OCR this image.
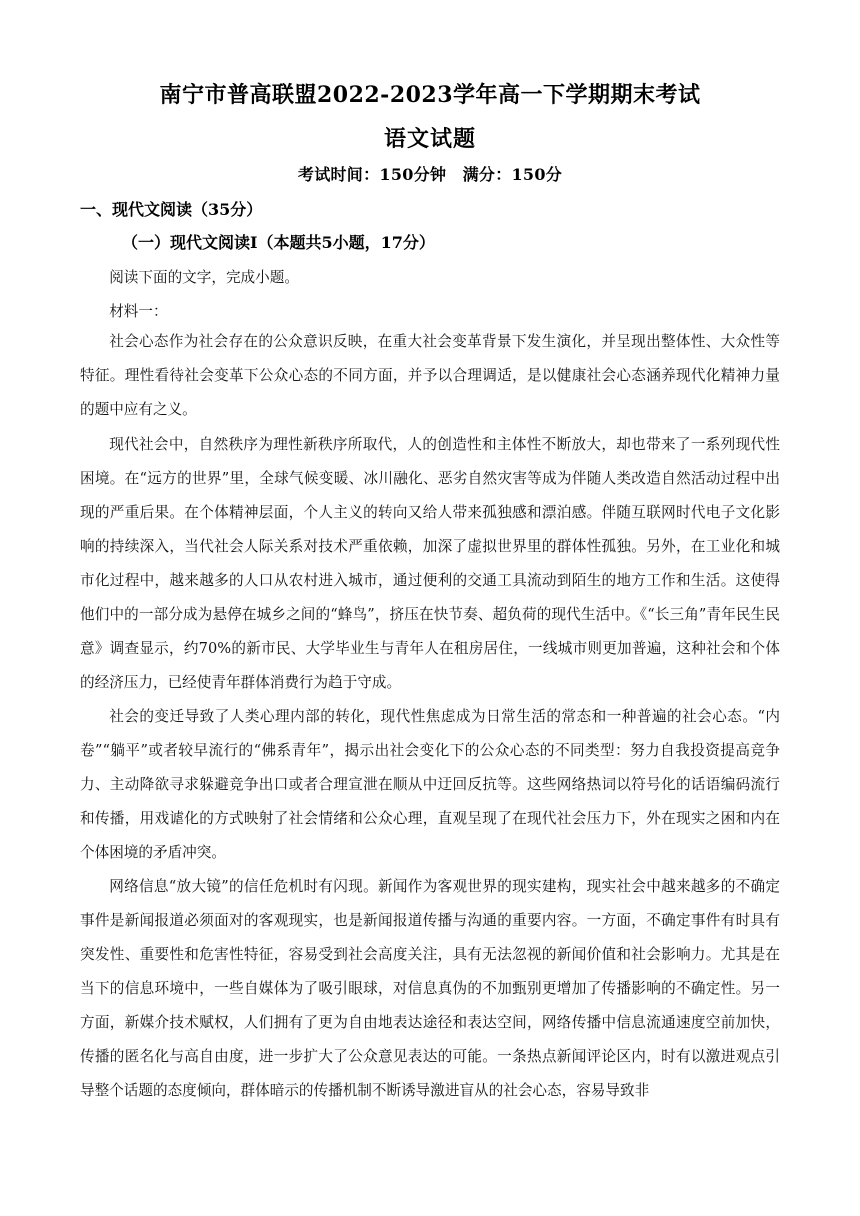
南宁市普高联盟2022-2023学年高一下学期期末考试
语文试题
考试时间：150分钟　满分：150分
一、现代文阅读（35分）
（一）现代文阅读Ⅰ（本题共5小题，17分）
阅读下面的文字，完成小题。
材料一：
社会心态作为社会存在的公众意识反映，在重大社会变革背景下发生演化，并呈现出整体性、大众性等特征。理性看待社会变革下公众心态的不同方面，并予以合理调适，是以健康社会心态涵养现代化精神力量的题中应有之义。
现代社会中，自然秩序为理性新秩序所取代，人的创造性和主体性不断放大，却也带来了一系列现代性困境。在“远方的世界”里，全球气候变暖、冰川融化、恶劣自然灾害等成为伴随人类改造自然活动过程中出现的严重后果。在个体精神层面，个人主义的转向又给人带来孤独感和漂泊感。伴随互联网时代电子文化影响的持续深入，当代社会人际关系对技术严重依赖，加深了虚拟世界里的群体性孤独。另外，在工业化和城市化过程中，越来越多的人口从农村进入城市，通过便利的交通工具流动到陌生的地方工作和生活。这使得他们中的一部分成为悬停在城乡之间的“蜂鸟”，挤压在快节奏、超负荷的现代生活中。《“长三角”青年民生民意》调查显示，约70%的新市民、大学毕业生与青年人在租房居住，一线城市则更加普遍，这种社会和个体的经济压力，已经使青年群体消费行为趋于守成。
社会的变迁导致了人类心理内部的转化，现代性焦虑成为日常生活的常态和一种普遍的社会心态。“内卷”“躺平”或者较早流行的“佛系青年”，揭示出社会变化下的公众心态的不同类型：努力自我投资提高竞争力、主动降欲寻求躲避竞争出口或者合理宣泄在顺从中迂回反抗等。这些网络热词以符号化的话语编码流行和传播，用戏谑化的方式映射了社会情绪和公众心理，直观呈现了在现代社会压力下，外在现实之困和内在个体困境的矛盾冲突。
网络信息“放大镜”的信任危机时有闪现。新闻作为客观世界的现实建构，现实社会中越来越多的不确定事件是新闻报道必须面对的客观现实，也是新闻报道传播与沟通的重要内容。一方面，不确定事件有时具有突发性、重要性和危害性特征，容易受到社会高度关注，具有无法忽视的新闻价值和社会影响力。尤其是在当下的信息环境中，一些自媒体为了吸引眼球，对信息真伪的不加甄别更增加了传播影响的不确定性。另一方面，新媒介技术赋权，人们拥有了更为自由地表达途径和表达空间，网络传播中信息流通速度空前加快，传播的匿名化与高自由度，进一步扩大了公众意见表达的可能。一条热点新闻评论区内，时有以激进观点引导整个话题的态度倾向，群体暗示的传播机制不断诱导激进盲从的社会心态，容易导致非
